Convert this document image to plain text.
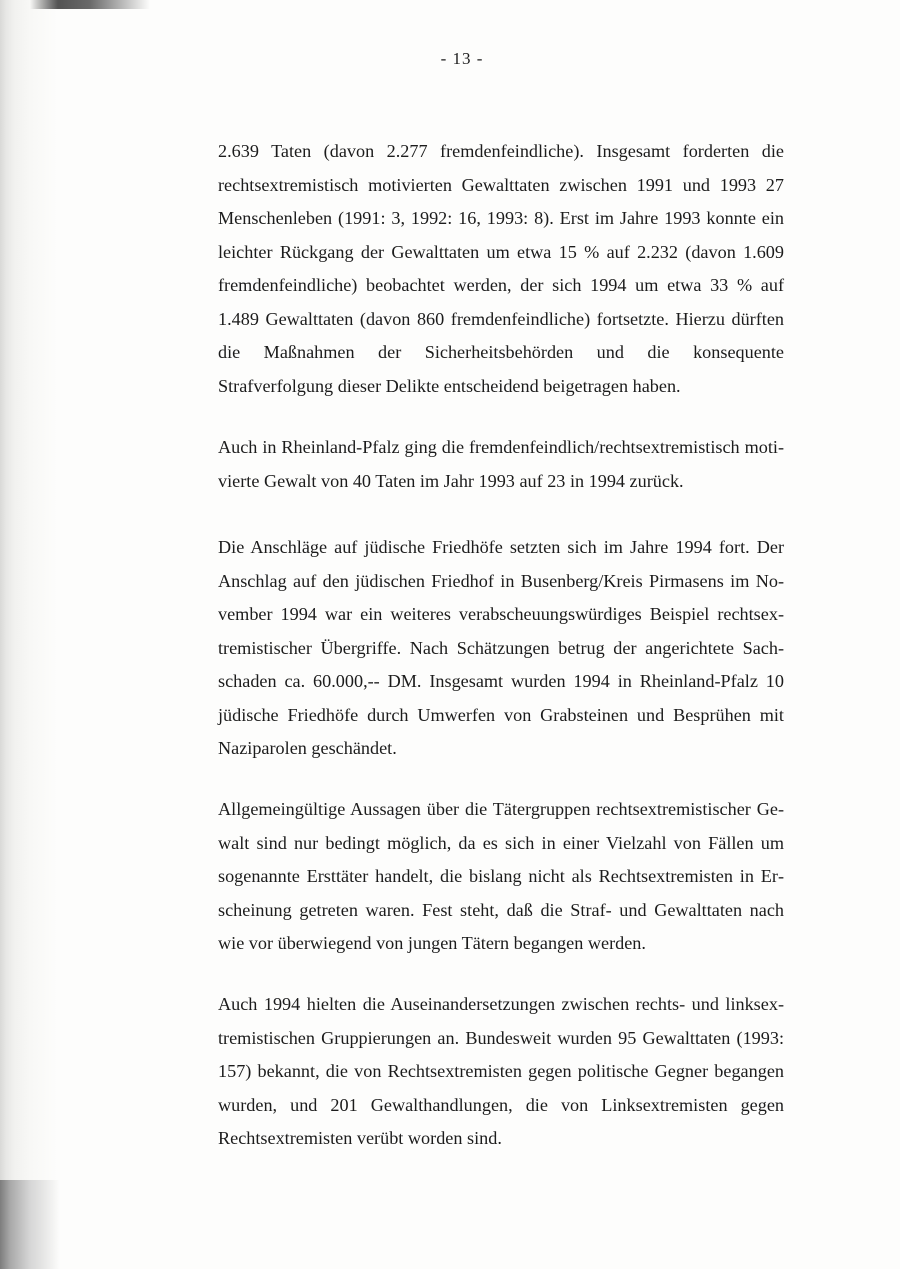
- 13 -

2.639 Taten (davon 2.277 fremdenfeindliche). Insgesamt forderten die rechtsextremistisch motivierten Gewalttaten zwischen 1991 und 1993 27 Menschenleben (1991: 3, 1992: 16, 1993: 8). Erst im Jahre 1993 konnte ein leichter Rückgang der Gewalttaten um etwa 15 % auf 2.232 (davon 1.609 fremdenfeindliche) beobachtet werden, der sich 1994 um etwa 33 % auf 1.489 Gewalttaten (davon 860 fremdenfeindliche) fortsetzte. Hierzu dürften die Maßnahmen der Sicherheitsbehörden und die konsequente Strafverfolgung dieser Delikte entscheidend beigetragen haben.

Auch in Rheinland-Pfalz ging die fremdenfeindlich/rechtsextremistisch motivierte Gewalt von 40 Taten im Jahr 1993 auf 23 in 1994 zurück.

Die Anschläge auf jüdische Friedhöfe setzten sich im Jahre 1994 fort. Der Anschlag auf den jüdischen Friedhof in Busenberg/Kreis Pirmasens im November 1994 war ein weiteres verabscheuungswürdiges Beispiel rechtsextremistischer Übergriffe. Nach Schätzungen betrug der angerichtete Sachschaden ca. 60.000,-- DM. Insgesamt wurden 1994 in Rheinland-Pfalz 10 jüdische Friedhöfe durch Umwerfen von Grabsteinen und Besprühen mit Naziparolen geschändet.

Allgemeingültige Aussagen über die Tätergruppen rechtsextremistischer Gewalt sind nur bedingt möglich, da es sich in einer Vielzahl von Fällen um sogenannte Ersttäter handelt, die bislang nicht als Rechtsextremisten in Erscheinung getreten waren. Fest steht, daß die Straf- und Gewalttaten nach wie vor überwiegend von jungen Tätern begangen werden.

Auch 1994 hielten die Auseinandersetzungen zwischen rechts- und linksextremistischen Gruppierungen an. Bundesweit wurden 95 Gewalttaten (1993: 157) bekannt, die von Rechtsextremisten gegen politische Gegner begangen wurden, und 201 Gewalthandlungen, die von Linksextremisten gegen Rechtsextremisten verübt worden sind.
